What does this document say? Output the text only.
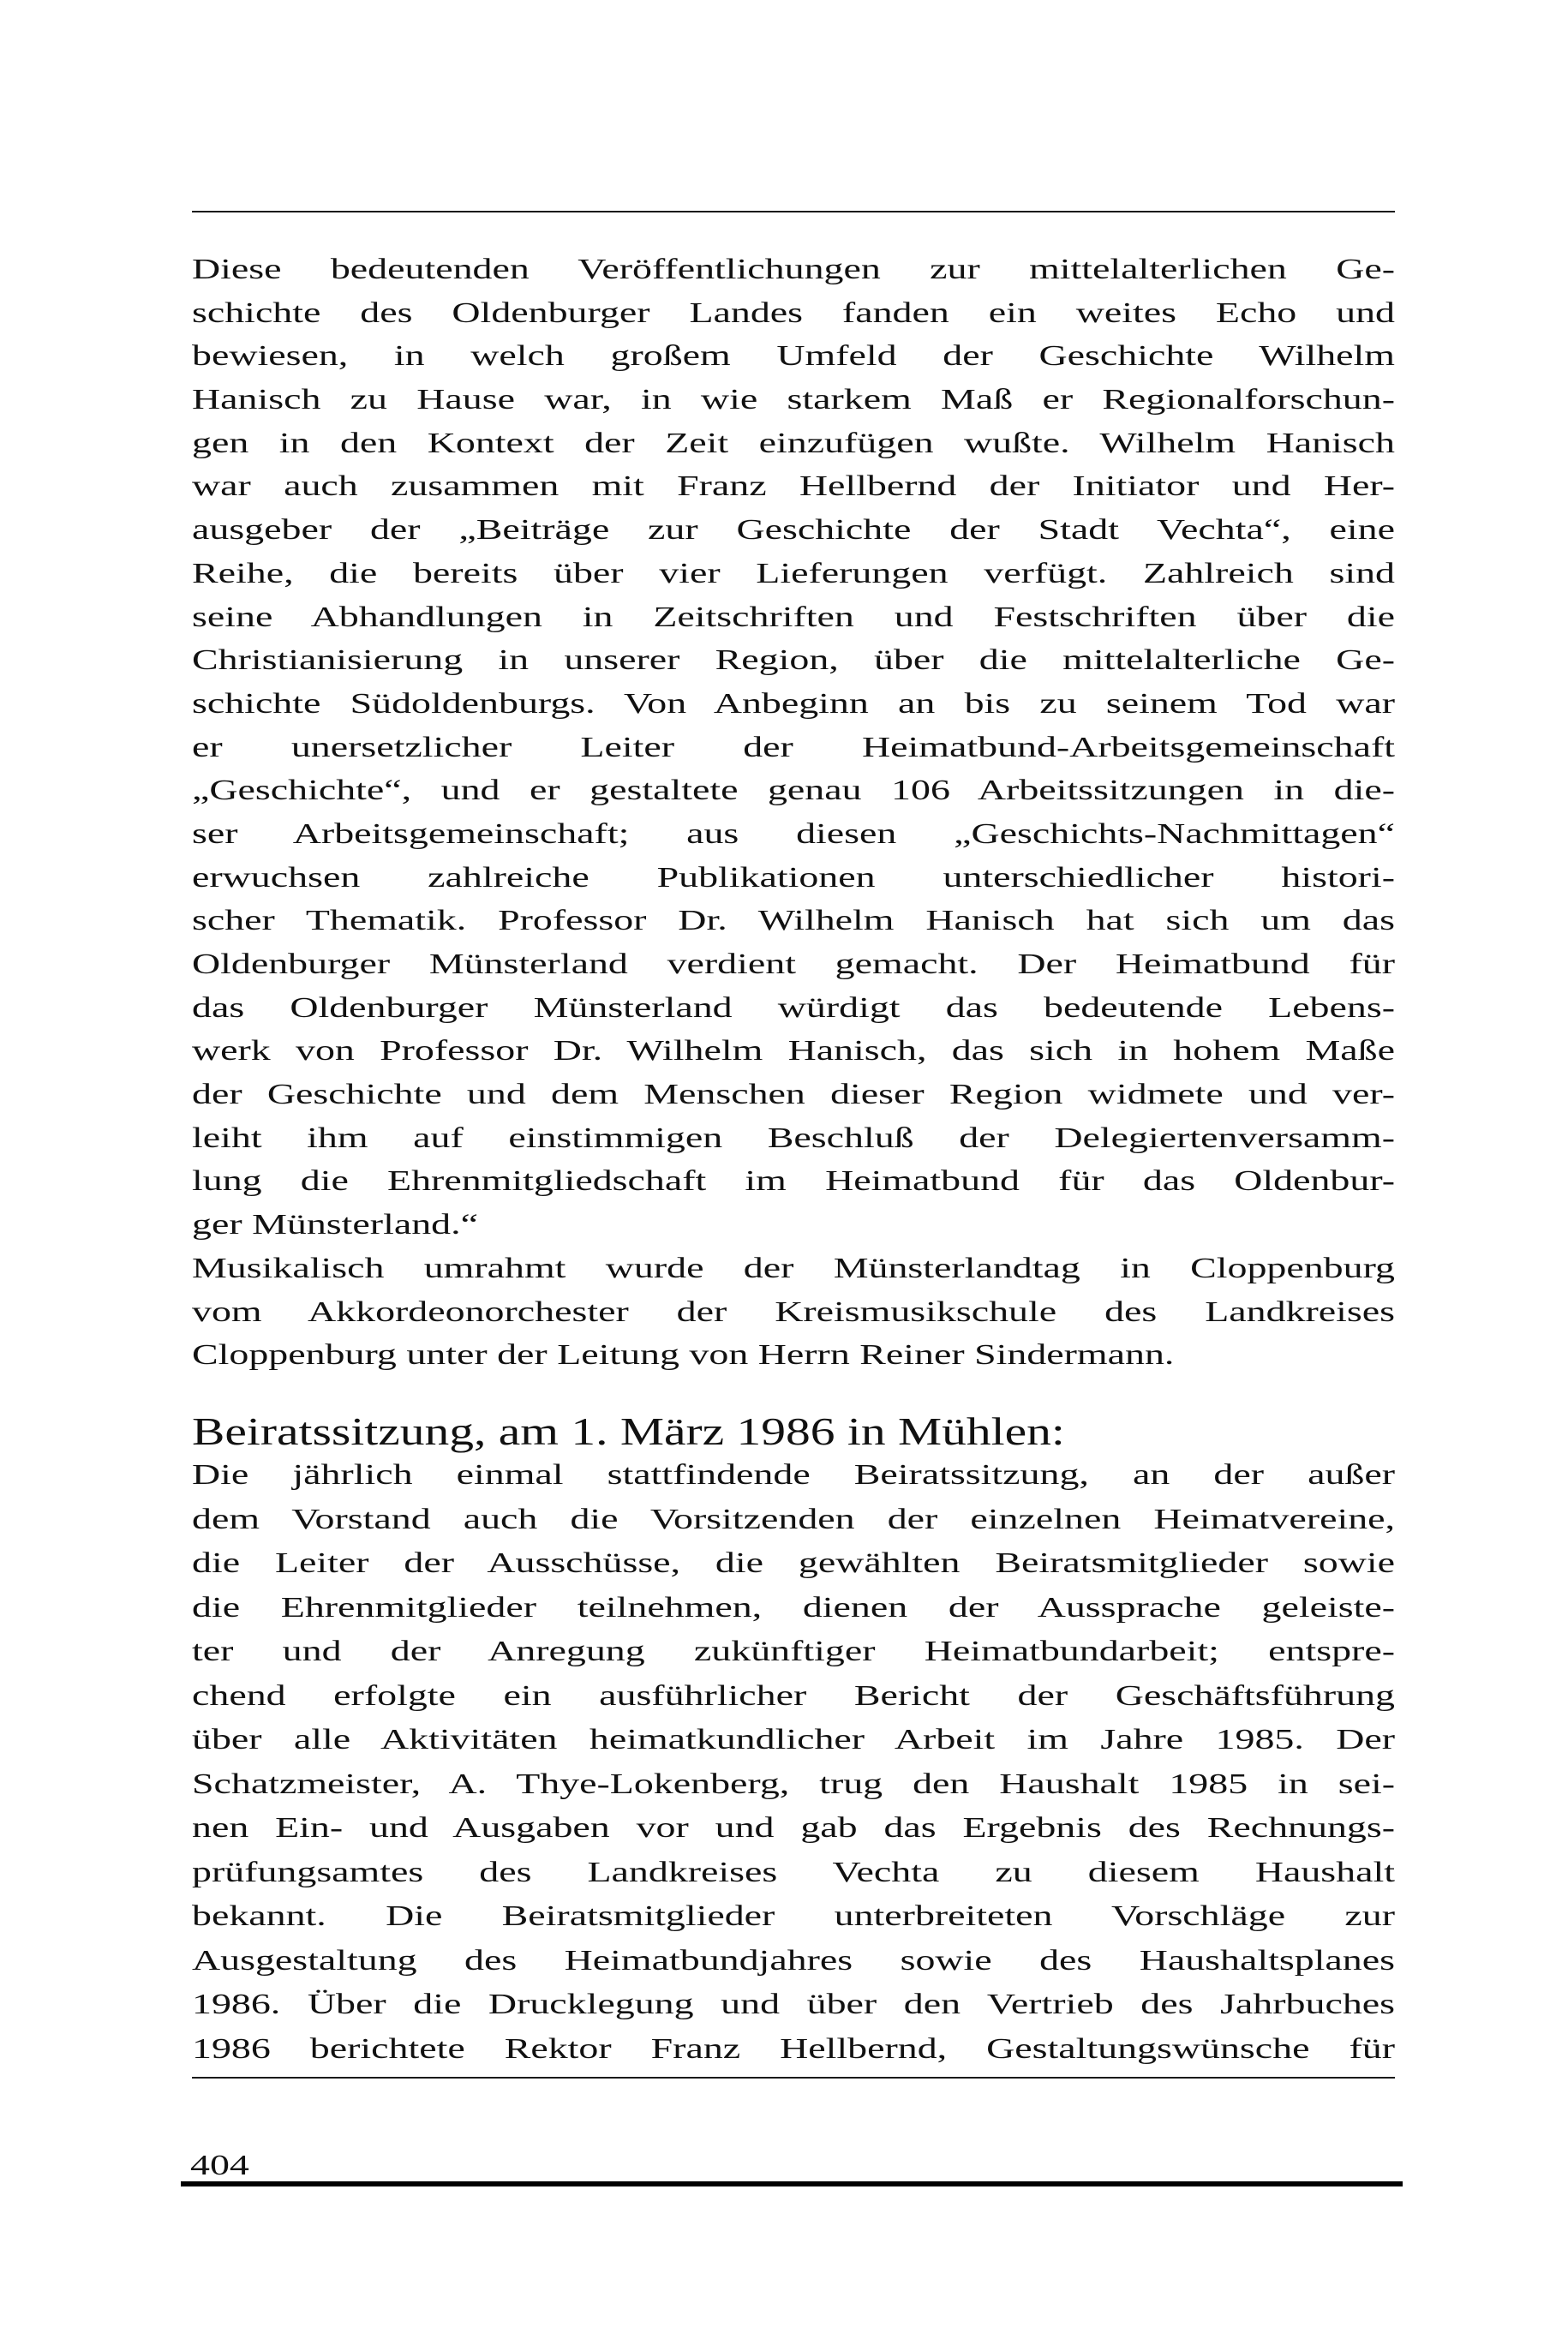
Diese bedeutenden Veröffentlichungen zur mittelalterlichen Ge-
schichte des Oldenburger Landes fanden ein weites Echo und
bewiesen, in welch großem Umfeld der Geschichte Wilhelm
Hanisch zu Hause war, in wie starkem Maß er Regionalforschun-
gen in den Kontext der Zeit einzufügen wußte. Wilhelm Hanisch
war auch zusammen mit Franz Hellbernd der Initiator und Her-
ausgeber der „Beiträge zur Geschichte der Stadt Vechta“, eine
Reihe, die bereits über vier Lieferungen verfügt. Zahlreich sind
seine Abhandlungen in Zeitschriften und Festschriften über die
Christianisierung in unserer Region, über die mittelalterliche Ge-
schichte Südoldenburgs. Von Anbeginn an bis zu seinem Tod war
er unersetzlicher Leiter der Heimatbund-Arbeitsgemeinschaft
„Geschichte“, und er gestaltete genau 106 Arbeitssitzungen in die-
ser Arbeitsgemeinschaft; aus diesen „Geschichts-Nachmittagen“
erwuchsen zahlreiche Publikationen unterschiedlicher histori-
scher Thematik. Professor Dr. Wilhelm Hanisch hat sich um das
Oldenburger Münsterland verdient gemacht. Der Heimatbund für
das Oldenburger Münsterland würdigt das bedeutende Lebens-
werk von Professor Dr. Wilhelm Hanisch, das sich in hohem Maße
der Geschichte und dem Menschen dieser Region widmete und ver-
leiht ihm auf einstimmigen Beschluß der Delegiertenversamm-
lung die Ehrenmitgliedschaft im Heimatbund für das Oldenbur-
ger Münsterland.“
Musikalisch umrahmt wurde der Münsterlandtag in Cloppenburg
vom Akkordeonorchester der Kreismusikschule des Landkreises
Cloppenburg unter der Leitung von Herrn Reiner Sindermann.
Beiratssitzung, am 1. März 1986 in Mühlen:
Die jährlich einmal stattfindende Beiratssitzung, an der außer
dem Vorstand auch die Vorsitzenden der einzelnen Heimatvereine,
die Leiter der Ausschüsse, die gewählten Beiratsmitglieder sowie
die Ehrenmitglieder teilnehmen, dienen der Aussprache geleiste-
ter und der Anregung zukünftiger Heimatbundarbeit; entspre-
chend erfolgte ein ausführlicher Bericht der Geschäftsführung
über alle Aktivitäten heimatkundlicher Arbeit im Jahre 1985. Der
Schatzmeister, A. Thye-Lokenberg, trug den Haushalt 1985 in sei-
nen Ein- und Ausgaben vor und gab das Ergebnis des Rechnungs-
prüfungsamtes des Landkreises Vechta zu diesem Haushalt
bekannt. Die Beiratsmitglieder unterbreiteten Vorschläge zur
Ausgestaltung des Heimatbundjahres sowie des Haushaltsplanes
1986. Über die Drucklegung und über den Vertrieb des Jahrbuches
1986 berichtete Rektor Franz Hellbernd, Gestaltungswünsche für
404
